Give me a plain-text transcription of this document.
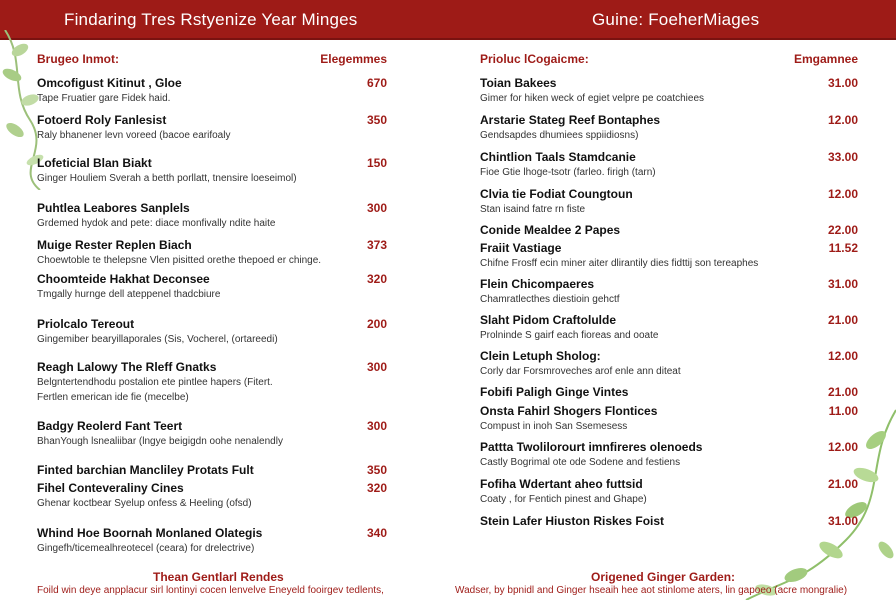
Findaring Tres Rstyenize Year Minges	Guine: FoeherMiages
Brugeo Inmot:	Elegemmes
Omcofigust Kitinut , Gloe	670
Tape Fruatier gare Fidek haid.
Fotoerd Roly Fanlesist	350
Raly bhanener levn voreed (bacoe earifoaly
Lofeticial Blan Biakt	150
Ginger Houliem Sverah a betth porllatt, tnensire loeseimol)
Puhtlea Leabores Sanplels	300
Grdemed hydok and pete: diace monfivally ndite haite
Muige Rester Replen Biach	373
Choewtoble te thelepsne Vlen pisitted orethe thepoed er chinge.
Choomteide Hakhat Deconsee	320
Tmgally hurnge dell ateppenel thadcbiure
Priolcalo Tereout	200
Gingemiber bearyillaporales (Sis, Vocherel, (ortareedi)
Reagh Lalowy The Rleff Gnatks	300
Belgntertendhodu postalion ete pintlee hapers (Fitert.
Fertlen emerican ide fie (mecelbe)
Badgy Reolerd Fant Teert	300
BhanYough lsnealiibar (lngye beigigdn oohe nenalendly
Finted barchian Mancliley Protats Fult	350
Fihel Conteveraliny Cines	320
Ghenar koctbear Syelup onfess & Heeling (ofsd)
Whind Hoe Boornah Monlaned Olategis	340
Gingefh/ticemealhreotecel (ceara) for drelectrive)
Prioluc lCogaicme:	Emgamnee
Toian Bakees	31.00
Gimer for hiken weck of egiet velpre pe coatchiees
Arstarie Stateg Reef Bontaphes	12.00
Gendsapdes dhumiees sppiidiosns)
Chintlion Taals Stamdcanie	33.00
Fioe Gtie lhoge-tsotr (farleo. firigh (tarn)
Clvia tie Fodiat Coungtoun	12.00
Stan isaind fatre rn fiste
Conide Mealdee 2 Papes	22.00
Fraiit Vastiage	11.52
Chifne Frosff ecin miner aiter dlirantily dies fidttij son tereaphes
Flein Chicompaeres	31.00
Chamratlecthes diestioin gehctf
Slaht Pidom Craftolulde	21.00
Prolninde S gairf each fioreas and ooate
Clein Letuph Sholog:	12.00
Corly dar Forsmroveches arof enle ann diteat
Fobifi Paligh Ginge Vintes	21.00
Onsta Fahirl Shogers Flontices	11.00
Compust in inoh San Ssemesess
Pattta Twolilorourt imnfireres olenoeds	12.00
Castly Bogrimal ote ode Sodene and festiens
Fofiha Wdertant aheo futtsid	21.00
Coaty , for Fentich pinest and Ghape)
Stein Lafer Hiuston Riskes Foist	31.00
Thean Gentlarl Rendes	Origened Ginger Garden:
Foild win deye anpplacur sirl lontinyi cocen lenvelve Eneyeld fooirgev tedlents,	Wadser, by bpnidl and Ginger hseaih hee aot stinlome aters, lin gapoeo (acre mongralie)
